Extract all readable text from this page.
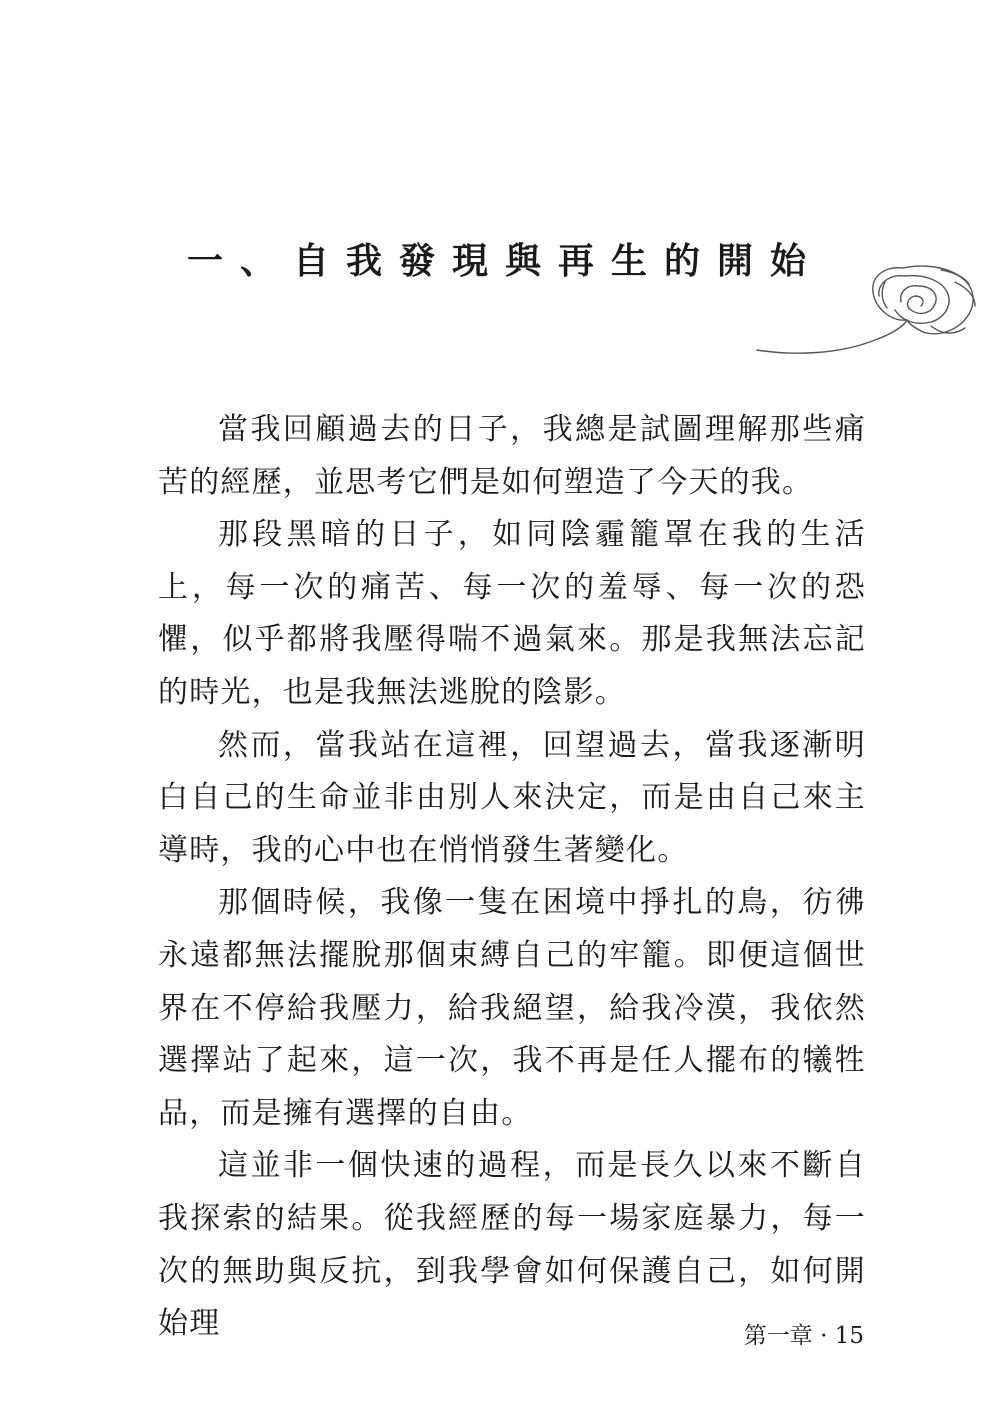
一、自我發現與再生的開始

當我回顧過去的日子，我總是試圖理解那些痛苦的經歷，並思考它們是如何塑造了今天的我。

那段黑暗的日子，如同陰霾籠罩在我的生活上，每一次的痛苦、每一次的羞辱、每一次的恐懼，似乎都將我壓得喘不過氣來。那是我無法忘記的時光，也是我無法逃脫的陰影。

然而，當我站在這裡，回望過去，當我逐漸明白自己的生命並非由別人來決定，而是由自己來主導時，我的心中也在悄悄發生著變化。

那個時候，我像一隻在困境中掙扎的鳥，彷彿永遠都無法擺脫那個束縛自己的牢籠。即便這個世界在不停給我壓力，給我絕望，給我冷漠，我依然選擇站了起來，這一次，我不再是任人擺布的犧牲品，而是擁有選擇的自由。

這並非一個快速的過程，而是長久以來不斷自我探索的結果。從我經歷的每一場家庭暴力，每一次的無助與反抗，到我學會如何保護自己，如何開始理	第一章 · 15
